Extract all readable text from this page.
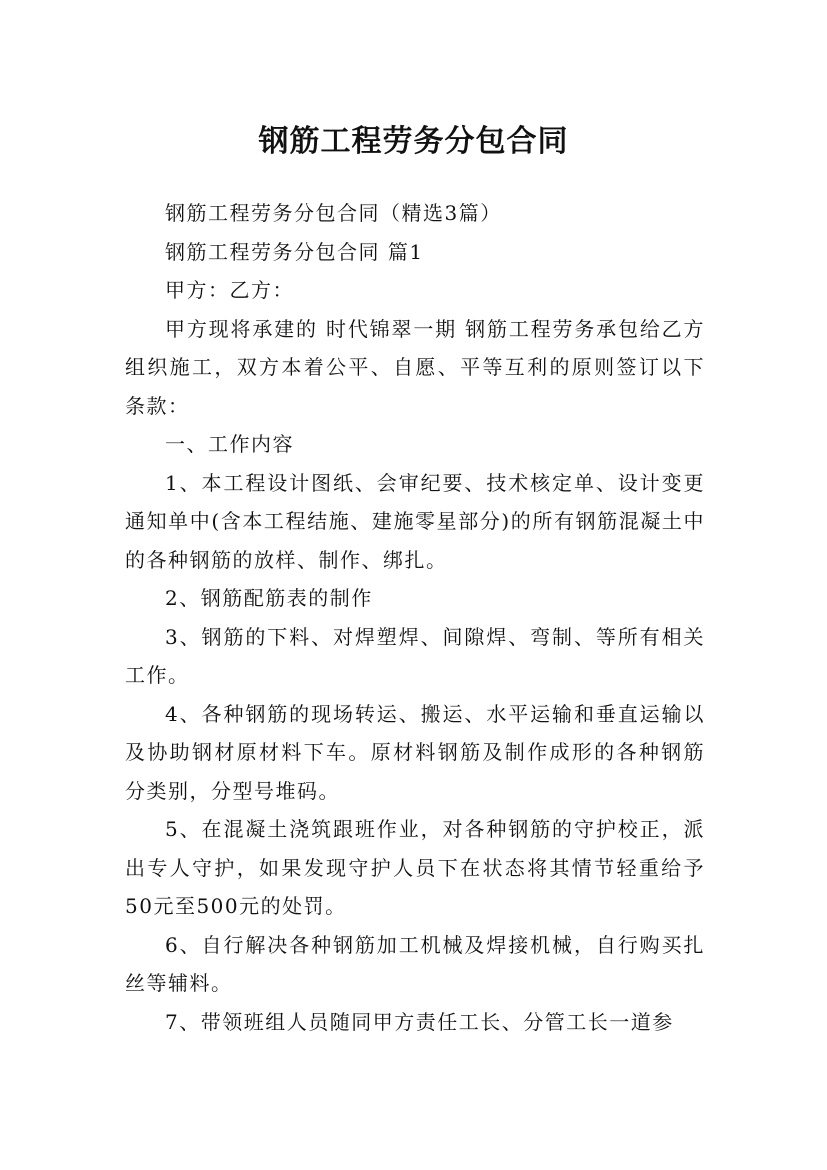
钢筋工程劳务分包合同

钢筋工程劳务分包合同（精选3篇）

钢筋工程劳务分包合同 篇1

甲方：乙方：

甲方现将承建的 时代锦翠一期 钢筋工程劳务承包给乙方组织施工，双方本着公平、自愿、平等互利的原则签订以下条款：

一、工作内容

1、本工程设计图纸、会审纪要、技术核定单、设计变更通知单中(含本工程结施、建施零星部分)的所有钢筋混凝土中的各种钢筋的放样、制作、绑扎。

2、钢筋配筋表的制作

3、钢筋的下料、对焊塑焊、间隙焊、弯制、等所有相关工作。

4、各种钢筋的现场转运、搬运、水平运输和垂直运输以及协助钢材原材料下车。原材料钢筋及制作成形的各种钢筋分类别，分型号堆码。

5、在混凝土浇筑跟班作业，对各种钢筋的守护校正，派出专人守护，如果发现守护人员下在状态将其情节轻重给予50元至500元的处罚。

6、自行解决各种钢筋加工机械及焊接机械，自行购买扎丝等辅料。

7、带领班组人员随同甲方责任工长、分管工长一道参
